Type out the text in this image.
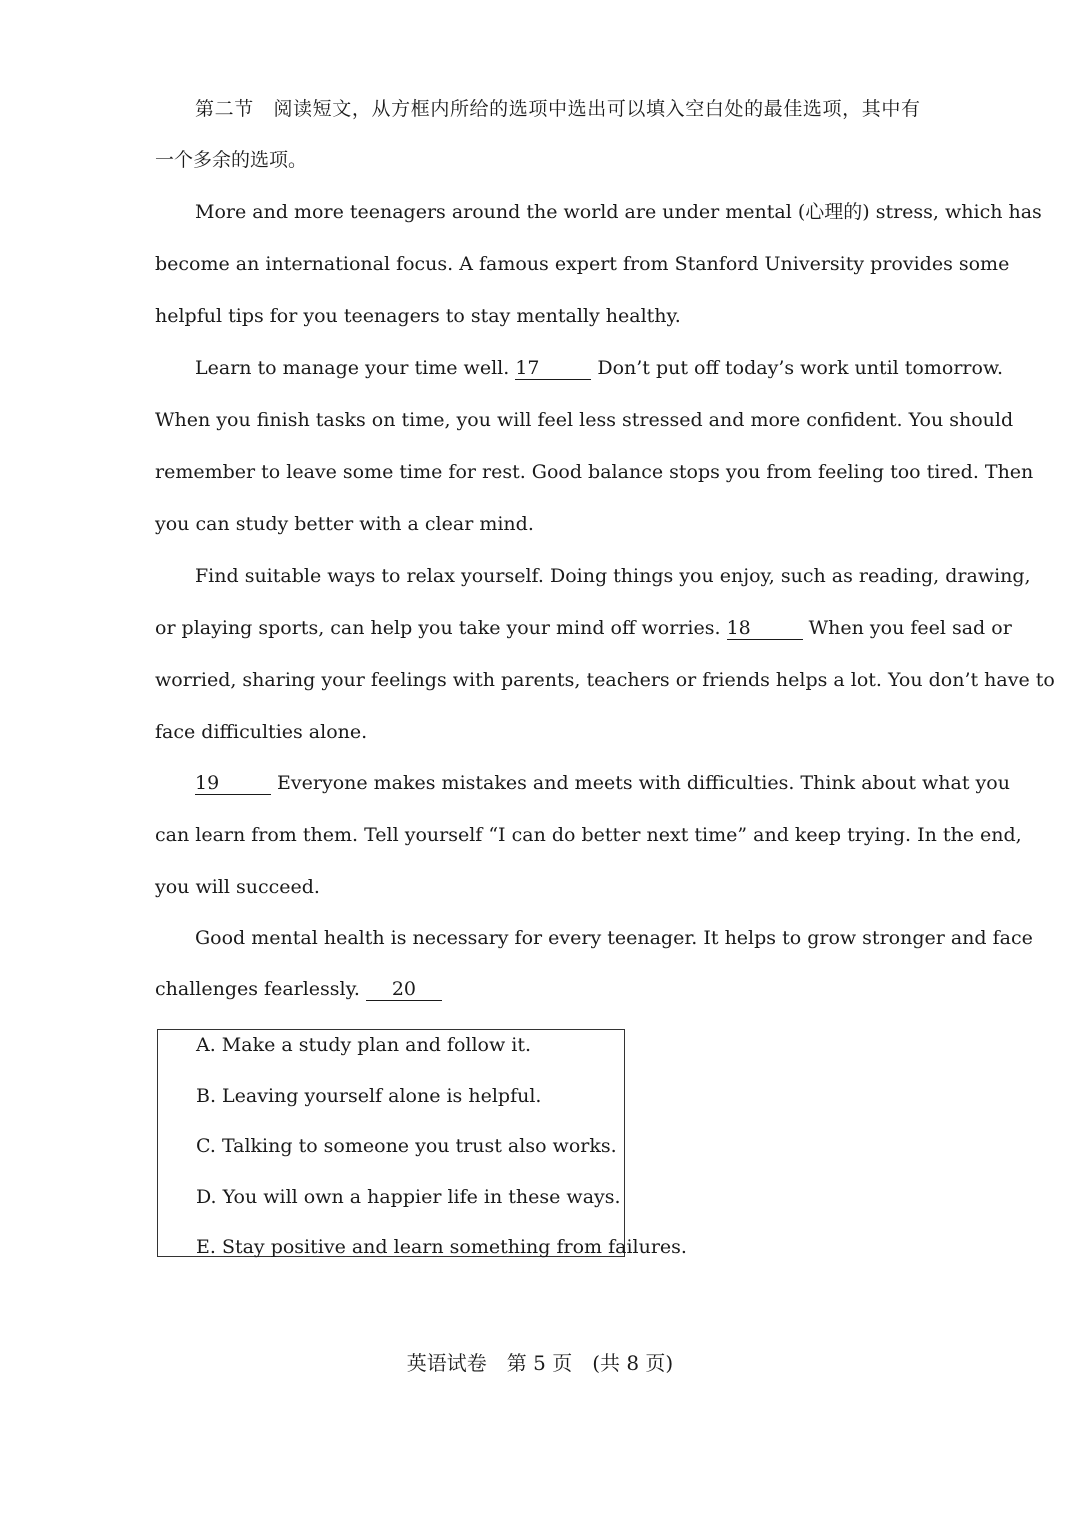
第二节　阅读短文，从方框内所给的选项中选出可以填入空白处的最佳选项，其中有
一个多余的选项。
More and more teenagers around the world are under mental (心理的) stress, which has
become an international focus. A famous expert from Stanford University provides some
helpful tips for you teenagers to stay mentally healthy.
Learn to manage your time well. 17	Don’t put off today’s work until tomorrow.
When you finish tasks on time, you will feel less stressed and more confident. You should
remember to leave some time for rest. Good balance stops you from feeling too tired. Then
you can study better with a clear mind.
Find suitable ways to relax yourself. Doing things you enjoy, such as reading, drawing,
or playing sports, can help you take your mind off worries. 18	When you feel sad or
worried, sharing your feelings with parents, teachers or friends helps a lot. You don’t have to
face difficulties alone.
19	Everyone makes mistakes and meets with difficulties. Think about what you
can learn from them. Tell yourself “I can do better next time” and keep trying. In the end,
you will succeed.
Good mental health is necessary for every teenager. It helps to grow stronger and face
challenges fearlessly. 20
A. Make a study plan and follow it.
B. Leaving yourself alone is helpful.
C. Talking to someone you trust also works.
D. You will own a happier life in these ways.
E. Stay positive and learn something from failures.
英语试卷　第 5 页　(共 8 页)
